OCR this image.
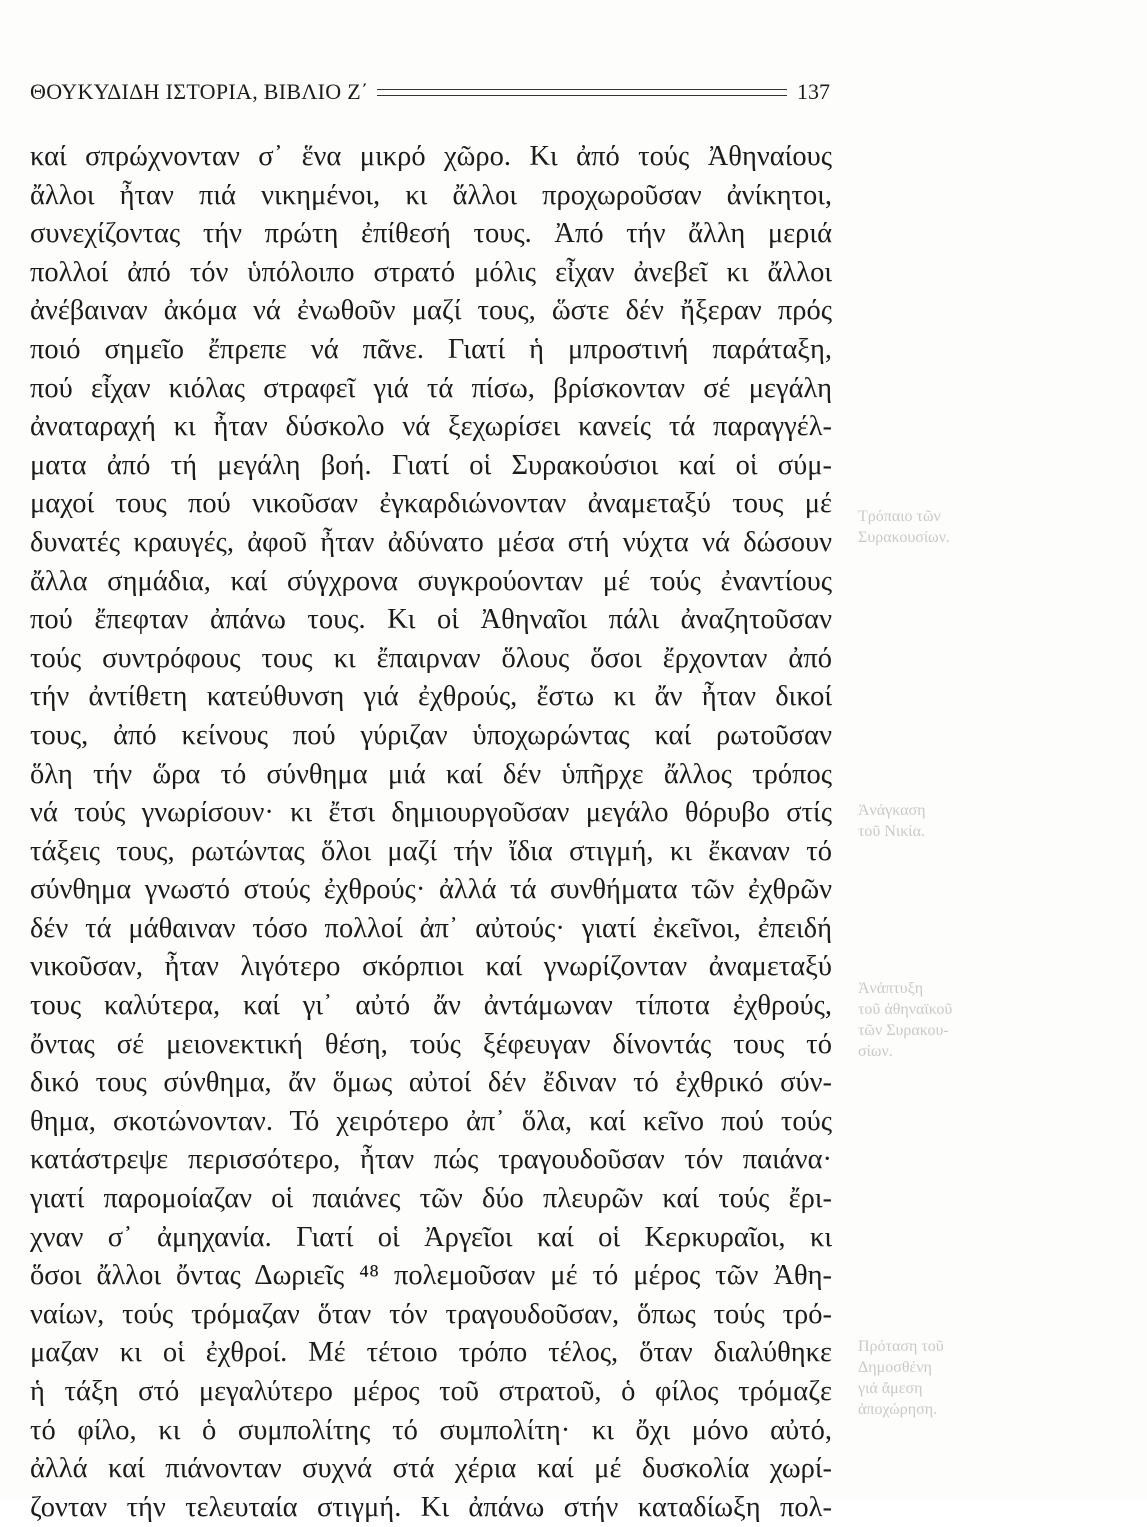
ΘΟΥΚΥΔΙΔΗ ΙΣΤΟΡΙΑ, ΒΙΒΛΙΟ Ζ΄	137
καί σπρώχνονταν σ᾽ ἕνα μικρό χῶρο. Κι ἀπό τούς Ἀθηναίους
ἄλλοι ἦταν πιά νικημένοι, κι ἄλλοι προχωροῦσαν ἀνίκητοι,
συνεχίζοντας τήν πρώτη ἐπίθεσή τους. Ἀπό τήν ἄλλη μεριά
πολλοί ἀπό τόν ὑπόλοιπο στρατό μόλις εἶχαν ἀνεβεῖ κι ἄλλοι
ἀνέβαιναν ἀκόμα νά ἐνωθοῦν μαζί τους, ὥστε δέν ἤξεραν πρός
ποιό σημεῖο ἔπρεπε νά πᾶνε. Γιατί ἡ μπροστινή παράταξη,
πού εἶχαν κιόλας στραφεῖ γιά τά πίσω, βρίσκονταν σέ μεγάλη
ἀναταραχή κι ἦταν δύσκολο νά ξεχωρίσει κανείς τά παραγγέλ-
ματα ἀπό τή μεγάλη βοή. Γιατί οἱ Συρακούσιοι καί οἱ σύμ-
μαχοί τους πού νικοῦσαν ἐγκαρδιώνονταν ἀναμεταξύ τους μέ
δυνατές κραυγές, ἀφοῦ ἦταν ἀδύνατο μέσα στή νύχτα νά δώσουν
ἄλλα σημάδια, καί σύγχρονα συγκρούονταν μέ τούς ἐναντίους
πού ἔπεφταν ἀπάνω τους. Κι οἱ Ἀθηναῖοι πάλι ἀναζητοῦσαν
τούς συντρόφους τους κι ἔπαιρναν ὅλους ὅσοι ἔρχονταν ἀπό
τήν ἀντίθετη κατεύθυνση γιά ἐχθρούς, ἔστω κι ἄν ἦταν δικοί
τους, ἀπό κείνους πού γύριζαν ὑποχωρώντας καί ρωτοῦσαν
ὅλη τήν ὥρα τό σύνθημα μιά καί δέν ὑπῆρχε ἄλλος τρόπος
νά τούς γνωρίσουν· κι ἔτσι δημιουργοῦσαν μεγάλο θόρυβο στίς
τάξεις τους, ρωτώντας ὅλοι μαζί τήν ἴδια στιγμή, κι ἔκαναν τό
σύνθημα γνωστό στούς ἐχθρούς· ἀλλά τά συνθήματα τῶν ἐχθρῶν
δέν τά μάθαιναν τόσο πολλοί ἀπ᾽ αὐτούς· γιατί ἐκεῖνοι, ἐπειδή
νικοῦσαν, ἦταν λιγότερο σκόρπιοι καί γνωρίζονταν ἀναμεταξύ
τους καλύτερα, καί γι᾽ αὐτό ἄν ἀντάμωναν τίποτα ἐχθρούς,
ὄντας σέ μειονεκτική θέση, τούς ξέφευγαν δίνοντάς τους τό
δικό τους σύνθημα, ἄν ὅμως αὐτοί δέν ἔδιναν τό ἐχθρικό σύν-
θημα, σκοτώνονταν. Τό χειρότερο ἀπ᾽ ὅλα, καί κεῖνο πού τούς
κατάστρεψε περισσότερο, ἦταν πώς τραγουδοῦσαν τόν παιάνα·
γιατί παρομοίαζαν οἱ παιάνες τῶν δύο πλευρῶν καί τούς ἔρι-
χναν σ᾽ ἀμηχανία. Γιατί οἱ Ἀργεῖοι καί οἱ Κερκυραῖοι, κι
ὅσοι ἄλλοι ὄντας Δωριεῖς ⁴⁸ πολεμοῦσαν μέ τό μέρος τῶν Ἀθη-
ναίων, τούς τρόμαζαν ὅταν τόν τραγουδοῦσαν, ὅπως τούς τρό-
μαζαν κι οἱ ἐχθροί. Μέ τέτοιο τρόπο τέλος, ὅταν διαλύθηκε
ἡ τάξη στό μεγαλύτερο μέρος τοῦ στρατοῦ, ὁ φίλος τρόμαζε
τό φίλο, κι ὁ συμπολίτης τό συμπολίτη· κι ὄχι μόνο αὐτό,
ἀλλά καί πιάνονταν συχνά στά χέρια καί μέ δυσκολία χωρί-
ζονταν τήν τελευταία στιγμή. Κι ἀπάνω στήν καταδίωξη πολ-
Τρόπαιο τῶν
Συρακουσίων.
Ἀνάγκαση
τοῦ Νικία.
Ἀνάπτυξη
τοῦ ἀθηναϊκοῦ
τῶν Συρακου-
σίων.
Πρόταση τοῦ
Δημοσθένη
γιά ἄμεση
ἀποχώρηση.
